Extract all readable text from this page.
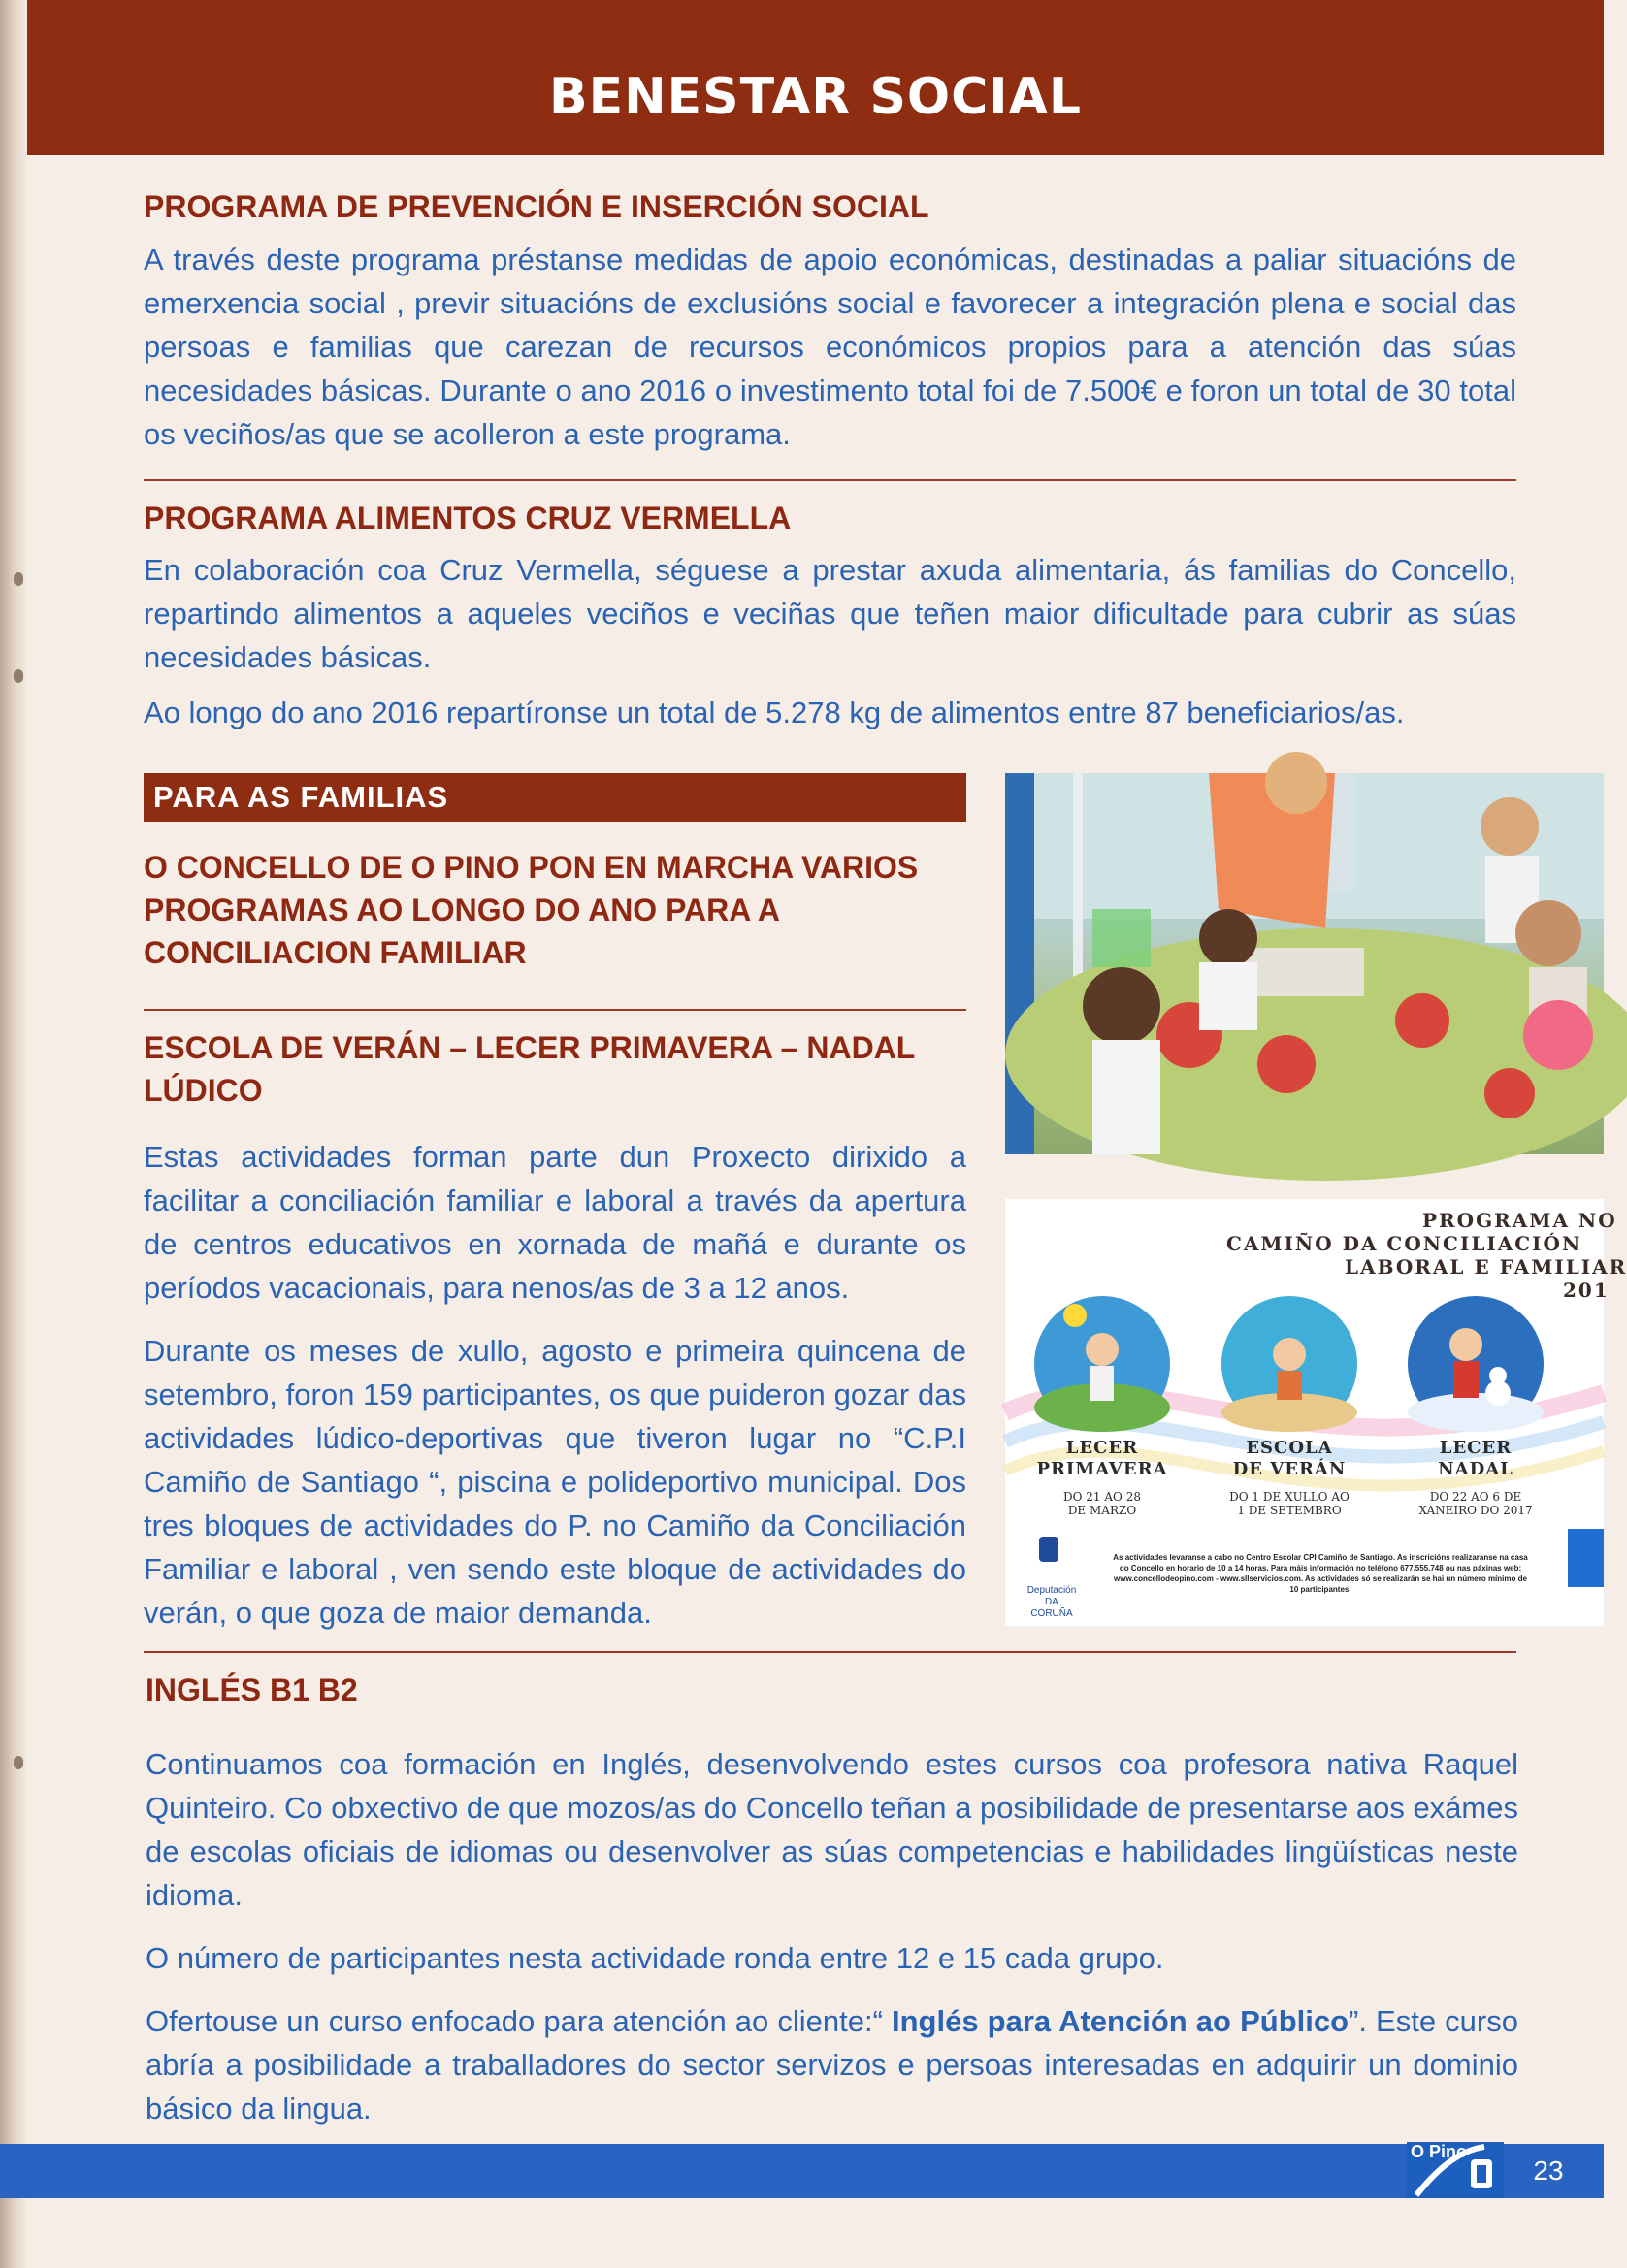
BENESTAR SOCIAL
PROGRAMA DE PREVENCIÓN E INSERCIÓN SOCIAL

A través deste programa préstanse medidas de apoio económicas, destinadas a paliar situacións de emerxencia social , previr situacións de exclusións social e favorecer a integración plena e social das persoas e familias que carezan de recursos económicos propios para a atención das súas necesidades básicas. Durante o ano 2016 o investimento total foi de 7.500€ e foron un total de 30 total os veciños/as que se acolleron a este programa.

PROGRAMA ALIMENTOS CRUZ VERMELLA

En colaboración coa Cruz Vermella, séguese a prestar axuda alimentaria, ás familias do Concello, repartindo alimentos a aqueles veciños e veciñas que teñen maior dificultade para cubrir as súas necesidades básicas.

Ao longo do ano 2016 repartíronse un total de 5.278 kg de alimentos entre 87 beneficiarios/as.

PARA AS FAMILIAS
O CONCELLO DE O PINO PON EN MARCHA VARIOS PROGRAMAS AO LONGO DO ANO PARA A CONCILIACION FAMILIAR
ESCOLA DE VERÁN – LECER PRIMAVERA – NADAL LÚDICO

Estas actividades forman parte dun Proxecto dirixido a facilitar a conciliación familiar e laboral a través da apertura de centros educativos en xornada de mañá e durante os períodos vacacionais, para nenos/as de 3 a 12 anos.

Durante os meses de xullo, agosto e primeira quincena de setembro, foron 159 participantes, os que puideron gozar das actividades lúdico-deportivas que tiveron lugar no “C.P.I Camiño de Santiago “, piscina e polideportivo municipal. Dos tres bloques de actividades do P. no Camiño da Conciliación Familiar e laboral , ven sendo este bloque de actividades do verán, o que goza de maior demanda.

PROGRAMA NO
CAMIÑO DA CONCILIACIÓN
LABORAL E FAMILIAR
201
LECER
PRIMAVERA
DO 21 AO 28
DE MARZO
ESCOLA
DE VERÁN
DO 1 DE XULLO AO
1 DE SETEMBRO
LECER
NADAL
DO 22 AO 6 DE
XANEIRO DO 2017
As actividades levaranse a cabo no Centro Escolar CPI Camiño de Santiago. As inscricións realizaranse na casa do Concello en horario de 10 a 14 horas. Para máis información no teléfono 677.555.748 ou nas páxinas web: www.concellodeopino.com - www.sllservicios.com. As actividades só se realizarán se hai un número mínimo de 10 participantes.
Deputación
DA CORUÑA
INGLÉS B1 B2

Continuamos coa formación en Inglés, desenvolvendo estes cursos coa profesora nativa Raquel Quinteiro. Co obxectivo de que mozos/as do Concello teñan a posibilidade de presentarse aos exámes de escolas oficiais de idiomas ou desenvolver as súas competencias e habilidades lingüísticas neste idioma.

O número de participantes nesta actividade ronda entre 12 e 15 cada grupo.

Ofertouse un curso enfocado para atención ao cliente:“ Inglés para Atención ao Público”. Este curso abría a posibilidade a traballadores do sector servizos e persoas interesadas en adquirir un dominio básico da lingua.

O Pino
23
